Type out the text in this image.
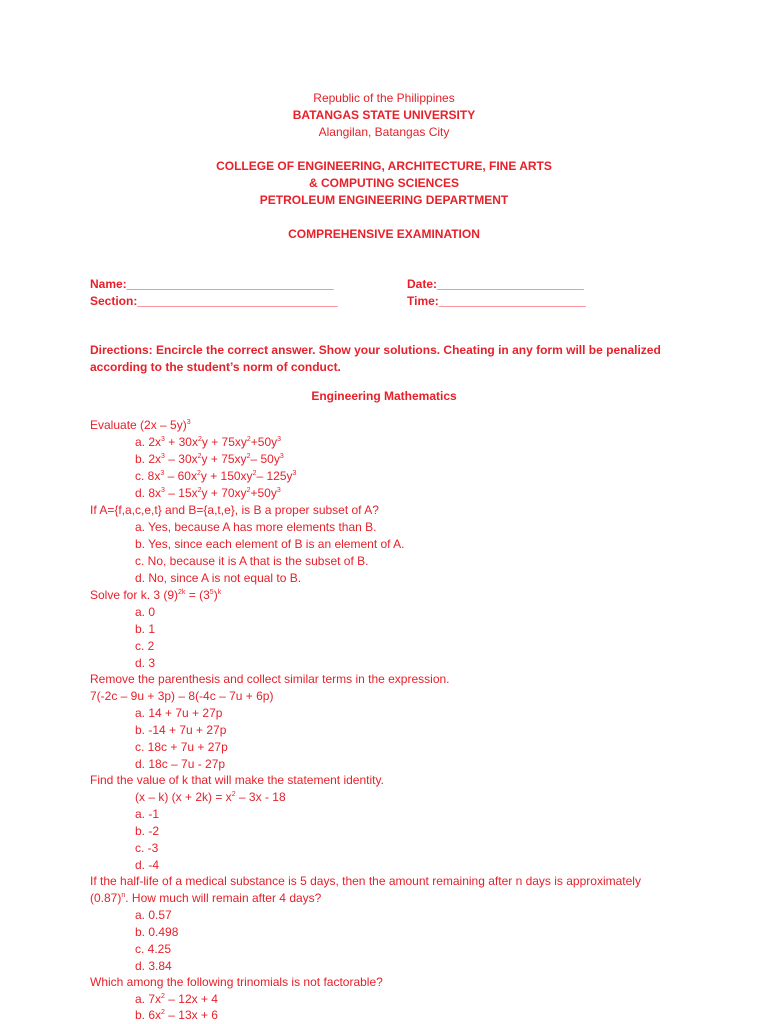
Republic of the Philippines
BATANGAS STATE UNIVERSITY
Alangilan, Batangas City
COLLEGE OF ENGINEERING, ARCHITECTURE, FINE ARTS
& COMPUTING SCIENCES
PETROLEUM ENGINEERING DEPARTMENT
COMPREHENSIVE EXAMINATION
Name:_______________________________	Date:______________________
Section:______________________________	Time:______________________
Directions: Encircle the correct answer. Show your solutions. Cheating in any form will be penalized
according to the student’s norm of conduct.
Engineering Mathematics
Evaluate (2x – 5y)$^3$
a. $2x^3 + 30x^2y + 75xy^2+50y^3$
b. $2x^3 - 30x^2y + 75xy^2-$ $50y^3$
c. $8x^3 - 60x^2y + 150xy^2-$ $125y^3$
d. $8x^3 - 15x^2y + 70xy^2+50y^3$
If A={f,a,c,e,t} and B={a,t,e}, is B a proper subset of A?
a. Yes, because A has more elements than B.
b. Yes, since each element of B is an element of A.
c. No, because it is A that is the subset of B.
d. No, since A is not equal to B.
Solve for k. 3 $(9)^{2k} = (3^5)^k$
a. 0
b. 1
c. 2
d. 3
Remove the parenthesis and collect similar terms in the expression.
7(-2c – 9u + 3p) – 8(-4c – 7u + 6p)
a. 14 + 7u + 27p
b. -14 + 7u + 27p
c. 18c + 7u + 27p
d. 18c – 7u - 27p
Find the value of k that will make the statement identity.
(x – k) $(x + 2k) = x^2 - 3x - 18$
a. -1
b. -2
c. -3
d. -4
If the half-life of a medical substance is 5 days, then the amount remaining after n days is approximately
$(0.87)^n$. How much will remain after 4 days?
a. 0.57
b. 0.498
c. 4.25
d. 3.84
Which among the following trinomials is not factorable?
a. $7x^2 - 12x + 4$
b. $6x^2 - 13x + 6$
